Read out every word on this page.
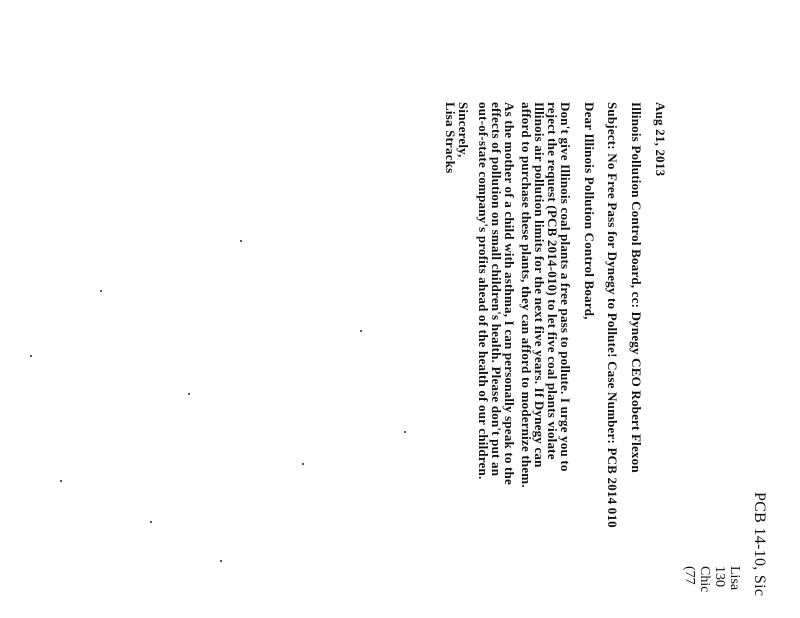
PCB 14-10, Sic
Lisa
130
Chic
(77
Aug 21, 2013
Illinois Pollution Control Board, cc: Dynegy CEO Robert Flexon
Subject: No Free Pass for Dynegy to Pollute! Case Number: PCB 2014 010
Dear Illinois Pollution Control Board,
Don't give Illinois coal plants a free pass to pollute. I urge you to
reject the request (PCB 2014-010) to let five coal plants violate
Illinois air pollution limits for the next five years. If Dynegy can
afford to purchase these plants, they can afford to modernize them.
As the mother of a child with asthma, I can personally speak to the
effects of pollution on small children's health. Please don't put an
out-of-state company's profits ahead of the health of our children.
Sincerely,
Lisa Stracks
